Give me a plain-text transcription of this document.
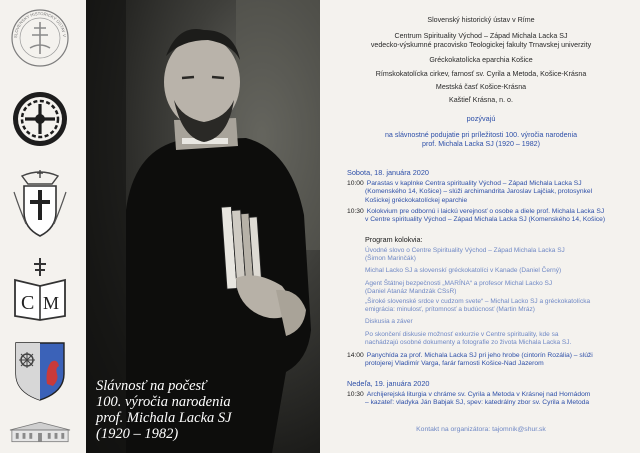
SLOVENSKÝ HISTORICKÝ ÚSTAV V
C M
Slávnosť na počesť
100. výročia narodenia
prof. Michala Lacka SJ
(1920 – 1982)
Slovenský historický ústav v Ríme
Centrum Spirituality Východ – Západ Michala Lacka SJ
vedecko-výskumné pracovisko Teologickej fakulty Trnavskej univerzity
Gréckokatolícka eparchia Košice
Rímskokatolícka cirkev, farnosť sv. Cyrila a Metoda, Košice-Krásna
Mestská časť Košice-Krásna
Kaštieľ Krásna, n. o.
pozývajú
na slávnostné podujatie pri príležitosti 100. výročia narodenia
prof. Michala Lacka SJ (1920 – 1982)
Sobota, 18. januára 2020
10:00 Parastas v kaplnke Centra spirituality Východ – Západ Michala Lacka SJ
(Komenského 14, Košice) – slúži archimandrita Jaroslav Lajčiak, protosynkel
Košickej gréckokatolíckej eparchie
10:30 Kolokvium pre odbornú i laickú verejnosť o osobe a diele prof. Michala Lacka SJ
v Centre spirituality Východ – Západ Michala Lacka SJ (Komenského 14, Košice)
Program kolokvia:
Úvodné slovo o Centre Spirituality Východ – Západ Michala Lacka SJ
(Šimon Marinčák)
Michal Lacko SJ a slovenskí gréckokatolíci v Kanade (Daniel Černý)
Agent Štátnej bezpečnosti „MARÍNA“ a profesor Michal Lacko SJ
(Daniel Atanáz Mandzák CSsR)
„Široké slovenské srdce v cudzom svete“ – Michal Lacko SJ a gréckokatolícka
emigrácia: minulosť, prítomnosť a budúcnosť (Martin Mráz)
Diskusia a záver
Po skončení diskusie možnosť exkurzie v Centre spirituality, kde sa
nachádzajú osobné dokumenty a fotografie zo života Michala Lacka SJ.
14:00 Panychída za prof. Michala Lacka SJ pri jeho hrobe (cintorín Rozália) – slúži
protojerej Vladimír Varga, farár farnosti Košice-Nad Jazerom
Nedeľa, 19. januára 2020
10:30 Archijerejská liturgia v chráme sv. Cyrila a Metoda v Krásnej nad Hornádom
– kazateľ: vladyka Ján Babjak SJ, spev: katedrálny zbor sv. Cyrila a Metoda
Kontakt na organizátora: tajomnik@shur.sk
